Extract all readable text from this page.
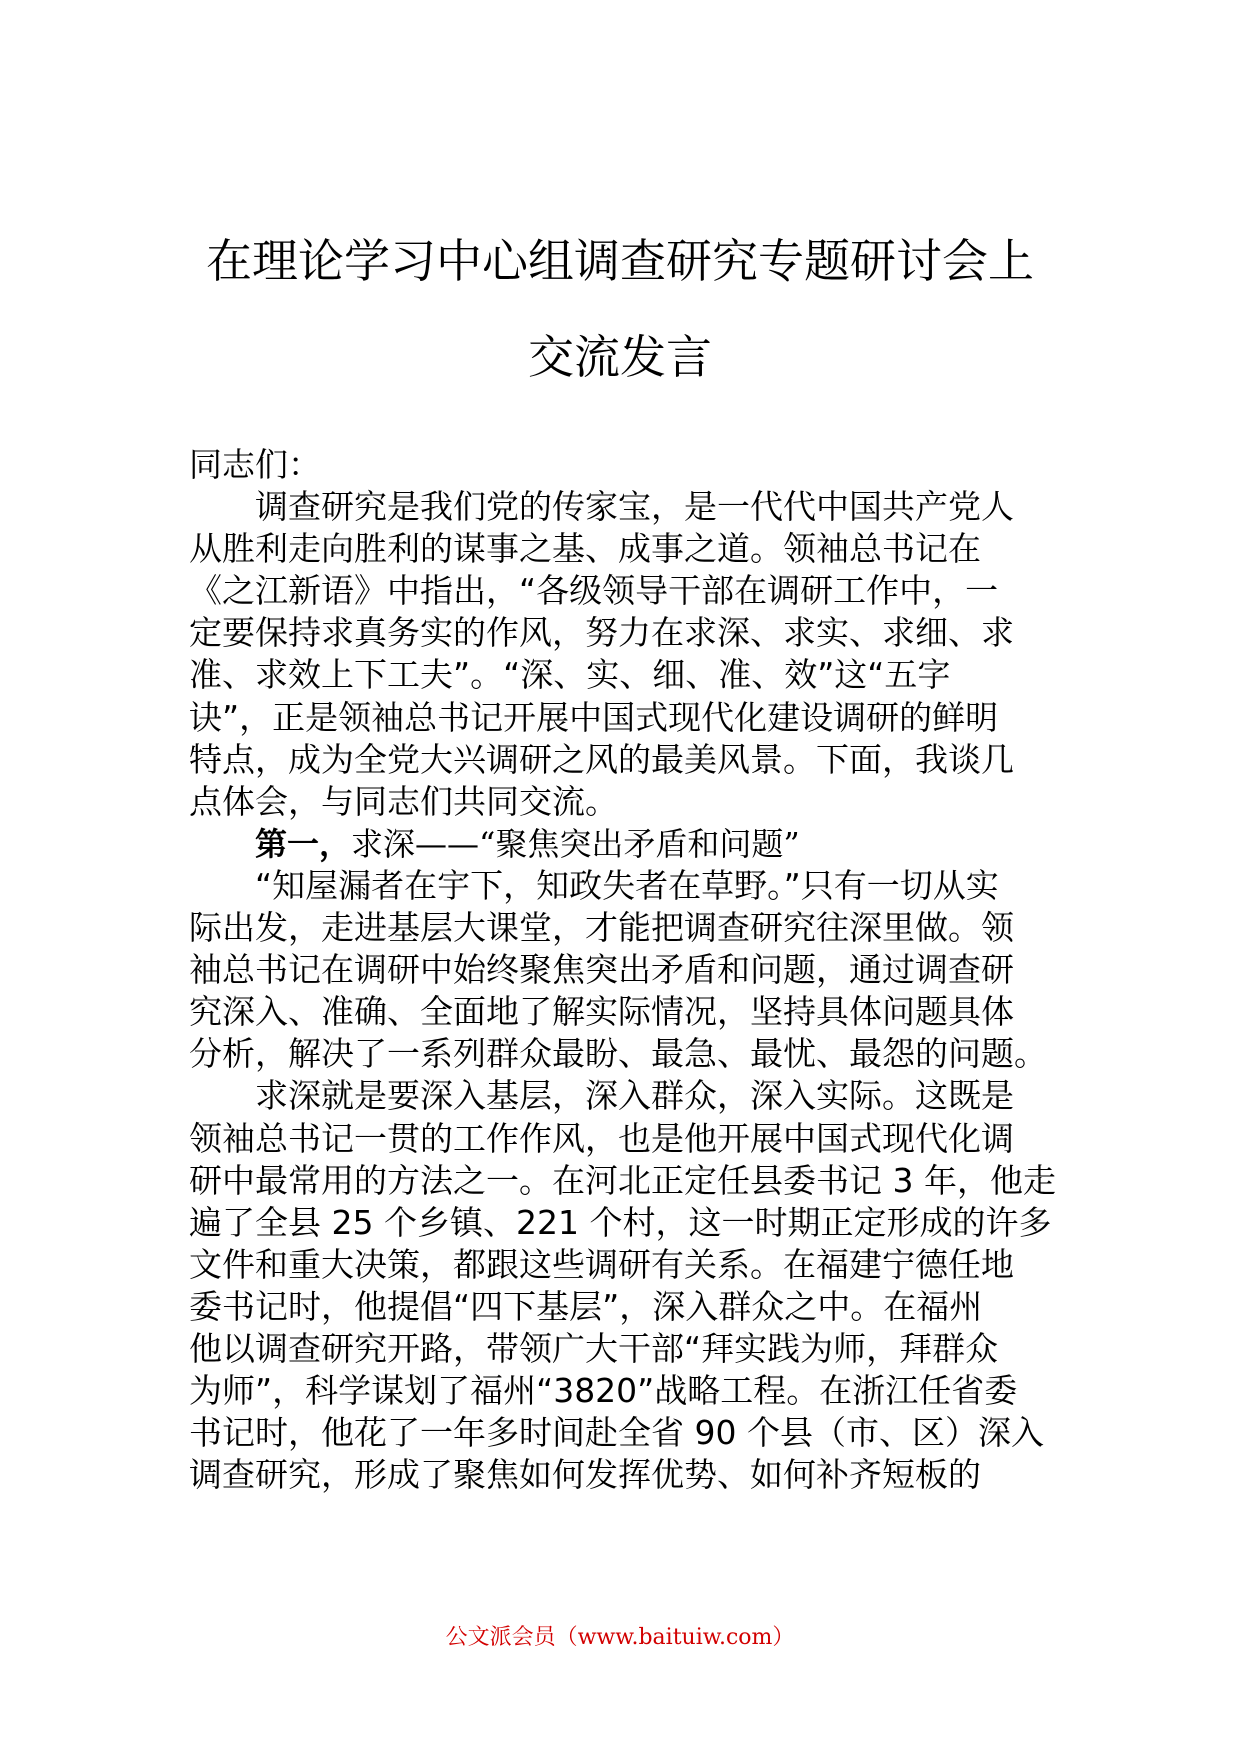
在理论学习中心组调查研究专题研讨会上
交流发言
同志们：
调查研究是我们党的传家宝，是一代代中国共产党人
从胜利走向胜利的谋事之基、成事之道。领袖总书记在
《之江新语》中指出，“各级领导干部在调研工作中，一
定要保持求真务实的作风，努力在求深、求实、求细、求
准、求效上下工夫”。“深、实、细、准、效”这“五字
诀”，正是领袖总书记开展中国式现代化建设调研的鲜明
特点，成为全党大兴调研之风的最美风景。下面，我谈几
点体会，与同志们共同交流。
第一，求深——“聚焦突出矛盾和问题”
“知屋漏者在宇下，知政失者在草野。”只有一切从实
际出发，走进基层大课堂，才能把调查研究往深里做。领
袖总书记在调研中始终聚焦突出矛盾和问题，通过调查研
究深入、准确、全面地了解实际情况，坚持具体问题具体
分析，解决了一系列群众最盼、最急、最忧、最怨的问题。
求深就是要深入基层，深入群众，深入实际。这既是
领袖总书记一贯的工作作风，也是他开展中国式现代化调
研中最常用的方法之一。在河北正定任县委书记 3 年，他走
遍了全县 25 个乡镇、221 个村，这一时期正定形成的许多
文件和重大决策，都跟这些调研有关系。在福建宁德任地
委书记时，他提倡“四下基层”，深入群众之中。在福州
他以调查研究开路，带领广大干部“拜实践为师，拜群众
为师”，科学谋划了福州“3820”战略工程。在浙江任省委
书记时，他花了一年多时间赴全省 90 个县（市、区）深入
调查研究，形成了聚焦如何发挥优势、如何补齐短板的
公文派会员（www.baituiw.com）
